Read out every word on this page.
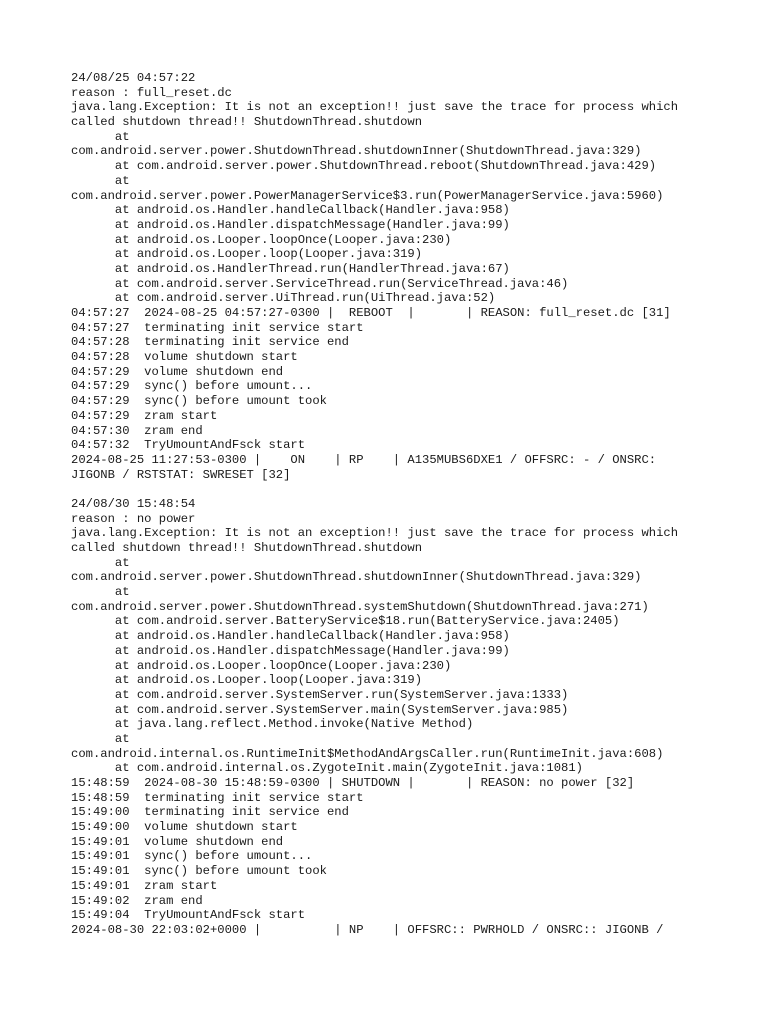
24/08/25 04:57:22
reason : full_reset.dc
java.lang.Exception: It is not an exception!! just save the trace for process which
called shutdown thread!! ShutdownThread.shutdown
at
com.android.server.power.ShutdownThread.shutdownInner(ShutdownThread.java:329)
at com.android.server.power.ShutdownThread.reboot(ShutdownThread.java:429)
at
com.android.server.power.PowerManagerService$3.run(PowerManagerService.java:5960)
at android.os.Handler.handleCallback(Handler.java:958)
at android.os.Handler.dispatchMessage(Handler.java:99)
at android.os.Looper.loopOnce(Looper.java:230)
at android.os.Looper.loop(Looper.java:319)
at android.os.HandlerThread.run(HandlerThread.java:67)
at com.android.server.ServiceThread.run(ServiceThread.java:46)
at com.android.server.UiThread.run(UiThread.java:52)
04:57:27  2024-08-25 04:57:27-0300 |  REBOOT  |       | REASON: full_reset.dc [31]
04:57:27  terminating init service start
04:57:28  terminating init service end
04:57:28  volume shutdown start
04:57:29  volume shutdown end
04:57:29  sync() before umount...
04:57:29  sync() before umount took
04:57:29  zram start
04:57:30  zram end
04:57:32  TryUmountAndFsck start
2024-08-25 11:27:53-0300 |    ON    | RP    | A135MUBS6DXE1 / OFFSRC: - / ONSRC:
JIGONB / RSTSTAT: SWRESET [32]
24/08/30 15:48:54
reason : no power
java.lang.Exception: It is not an exception!! just save the trace for process which
called shutdown thread!! ShutdownThread.shutdown
at
com.android.server.power.ShutdownThread.shutdownInner(ShutdownThread.java:329)
at
com.android.server.power.ShutdownThread.systemShutdown(ShutdownThread.java:271)
at com.android.server.BatteryService$18.run(BatteryService.java:2405)
at android.os.Handler.handleCallback(Handler.java:958)
at android.os.Handler.dispatchMessage(Handler.java:99)
at android.os.Looper.loopOnce(Looper.java:230)
at android.os.Looper.loop(Looper.java:319)
at com.android.server.SystemServer.run(SystemServer.java:1333)
at com.android.server.SystemServer.main(SystemServer.java:985)
at java.lang.reflect.Method.invoke(Native Method)
at
com.android.internal.os.RuntimeInit$MethodAndArgsCaller.run(RuntimeInit.java:608)
at com.android.internal.os.ZygoteInit.main(ZygoteInit.java:1081)
15:48:59  2024-08-30 15:48:59-0300 | SHUTDOWN |       | REASON: no power [32]
15:48:59  terminating init service start
15:49:00  terminating init service end
15:49:00  volume shutdown start
15:49:01  volume shutdown end
15:49:01  sync() before umount...
15:49:01  sync() before umount took
15:49:01  zram start
15:49:02  zram end
15:49:04  TryUmountAndFsck start
2024-08-30 22:03:02+0000 |          | NP    | OFFSRC:: PWRHOLD / ONSRC:: JIGONB /
